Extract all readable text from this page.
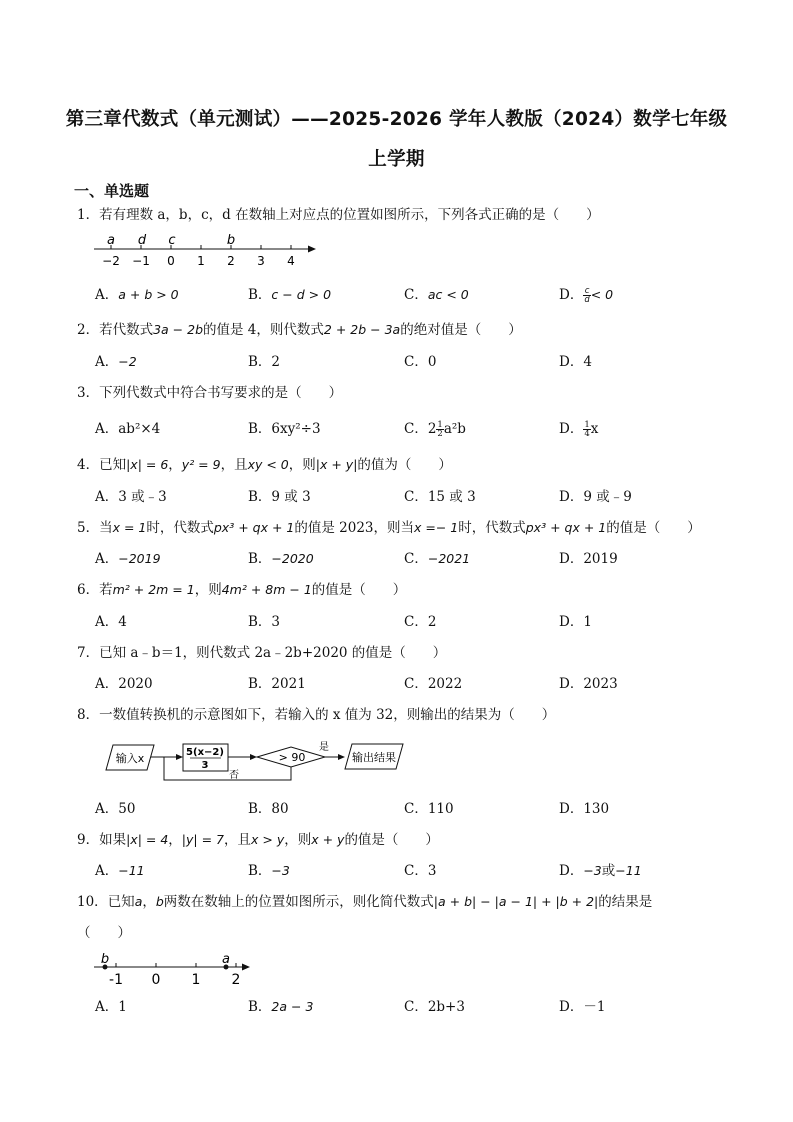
第三章代数式（单元测试）——2025-2026 学年人教版（2024）数学七年级上学期
一、单选题
1．若有理数 a，b，c，d 在数轴上对应点的位置如图所示，下列各式正确的是（　　）
−2 −1 0 1 2 3 4
a d c	b
A．a + b > 0	B．c − d > 0	C．ac < 0	D． $\frac{c}{d} < 0$
2．若代数式3a − 2b的值是 4，则代数式2 + 2b − 3a的绝对值是（　　）
A．−2	B．2	C．0	D．4
3．下列代数式中符合书写要求的是（　　）
A．ab²×4	B．6xy²÷3	C．$2 \frac{1}{2} a^2b$	D． $\frac{1}{4}$ x
4．已知|x| = 6，y² = 9，且xy < 0，则|x + y|的值为（　　）
A．3 或﹣3	B．9 或 3	C．15 或 3	D．9 或﹣9
5．当x = 1时，代数式px³ + qx + 1的值是 2023，则当x =− 1时，代数式px³ + qx + 1的值是（　　）
A．−2019	B．−2020	C．−2021	D．2019
6．若m² + 2m = 1，则4m² + 8m − 1的值是（　　）
A．4	B．3	C．2	D．1
7．已知 a﹣b＝1，则代数式 2a﹣2b+2020 的值是（　　）
A．2020	B．2021	C．2022	D．2023
8．一数值转换机的示意图如下，若输入的 x 值为 32，则输出的结果为（　　）
输入x	5(x−2)
3
> 90
是
输出结果
否
A．50	B．80	C．110	D．130
9．如果|x| = 4，|y| = 7，且x > y，则x + y的值是（　　）
A．−11	B．−3	C．3	D．−3或−11
10．已知a，b两数在数轴上的位置如图所示，则化简代数式|a + b| − |a − 1| + |b + 2|的结果是
（　　）
b	a
-1 0 1 2
A．1	B．2a − 3	C．2b+3	D．－1
